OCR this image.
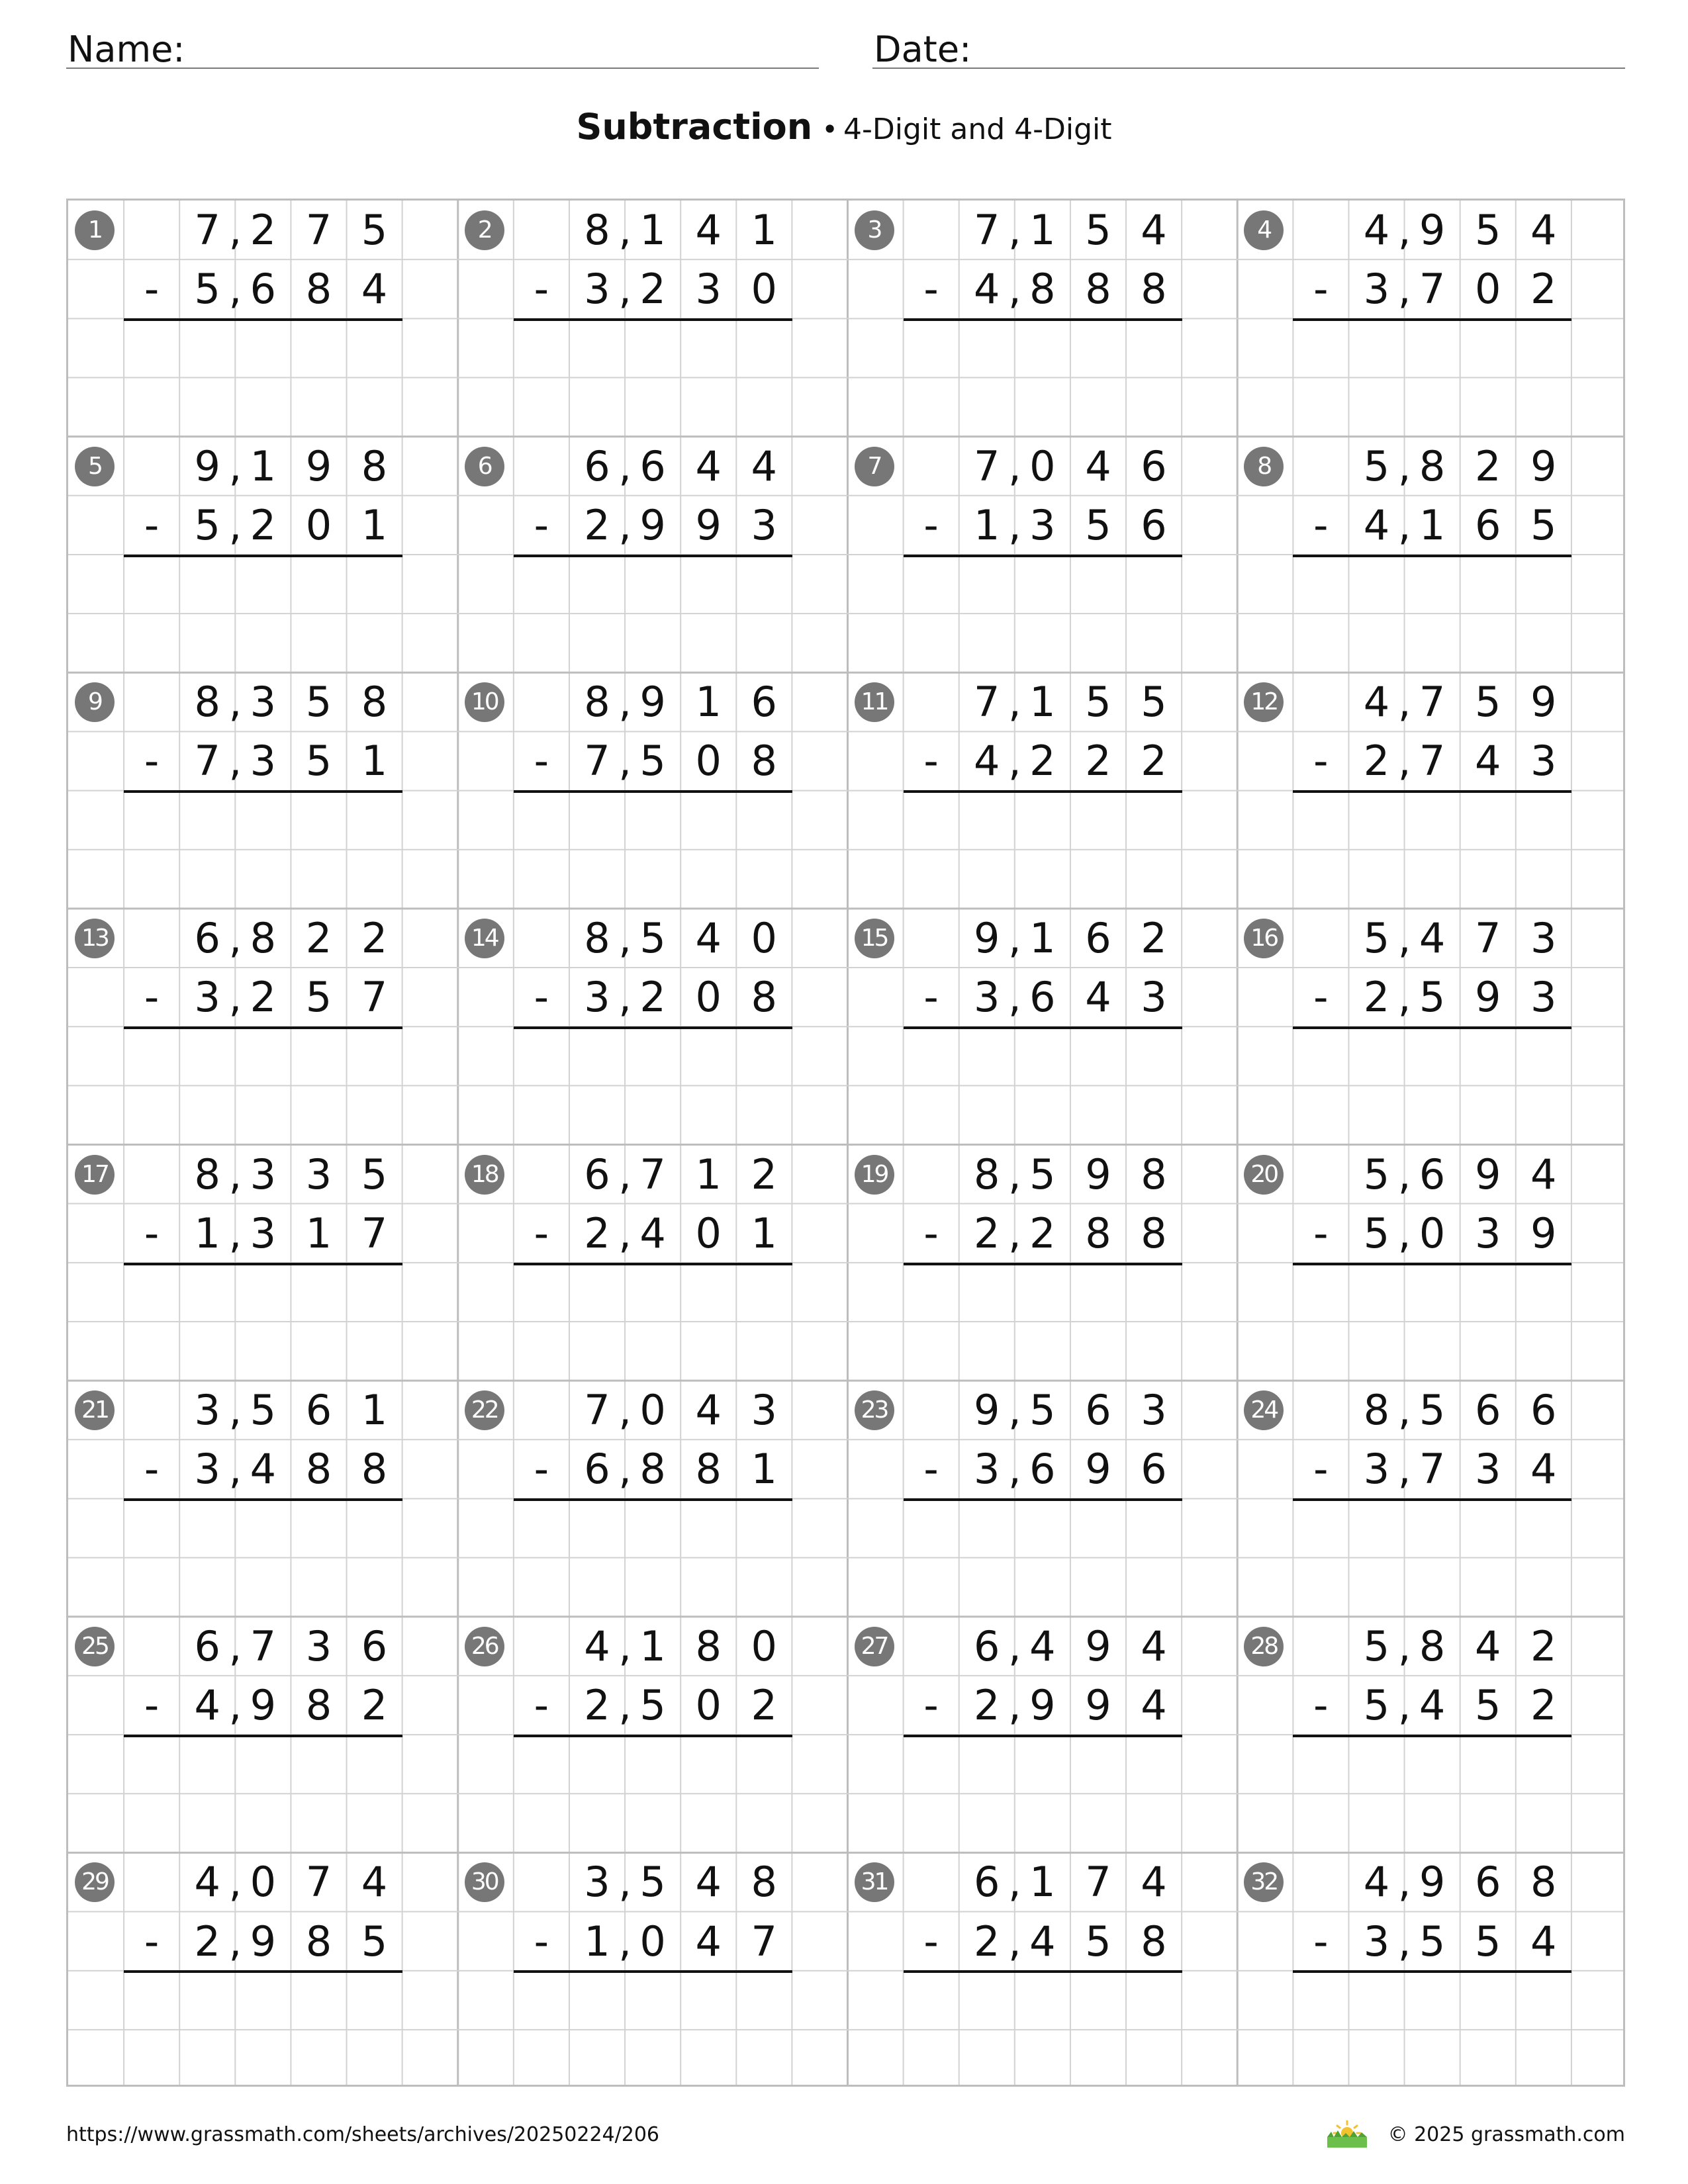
Name:	Date:
Subtraction • 4-Digit and 4-Digit
1	7 2 7 5
,
- 5 6 8 4
,
2	8 1 4 1
,
- 3 2 3 0
,
3	7 1 5 4
,
- 4 8 8 8
,
4	4 9 5 4
,
- 3 7 0 2
,
5	9 1 9 8
,
- 5 2 0 1
,
6	6 6 4 4
,
- 2 9 9 3
,
7	7 0 4 6
,
- 1 3 5 6
,
8	5 8 2 9
,
- 4 1 6 5
,
9	8 3 5 8
,
- 7 3 5 1
,
10	8 9 1 6
,
- 7 5 0 8
,
11	7 1 5 5
,
- 4 2 2 2
,
12	4 7 5 9
,
- 2 7 4 3
,
13	6 8 2 2
,
- 3 2 5 7
,
14	8 5 4 0
,
- 3 2 0 8
,
15	9 1 6 2
,
- 3 6 4 3
,
16	5 4 7 3
,
- 2 5 9 3
,
17	8 3 3 5
,
- 1 3 1 7
,
18	6 7 1 2
,
- 2 4 0 1
,
19	8 5 9 8
,
- 2 2 8 8
,
20	5 6 9 4
,
- 5 0 3 9
,
21	3 5 6 1
,
- 3 4 8 8
,
22	7 0 4 3
,
- 6 8 8 1
,
23	9 5 6 3
,
- 3 6 9 6
,
24	8 5 6 6
,
- 3 7 3 4
,
25	6 7 3 6
,
- 4 9 8 2
,
26	4 1 8 0
,
- 2 5 0 2
,
27	6 4 9 4
,
- 2 9 9 4
,
28	5 8 4 2
,
- 5 4 5 2
,
29	4 0 7 4
,
- 2 9 8 5
,
30	3 5 4 8
,
- 1 0 4 7
,
31	6 1 7 4
,
- 2 4 5 8
,
32	4 9 6 8
,
- 3 5 5 4
,
https://www.grassmath.com/sheets/archives/20250224/206	© 2025 grassmath.com
